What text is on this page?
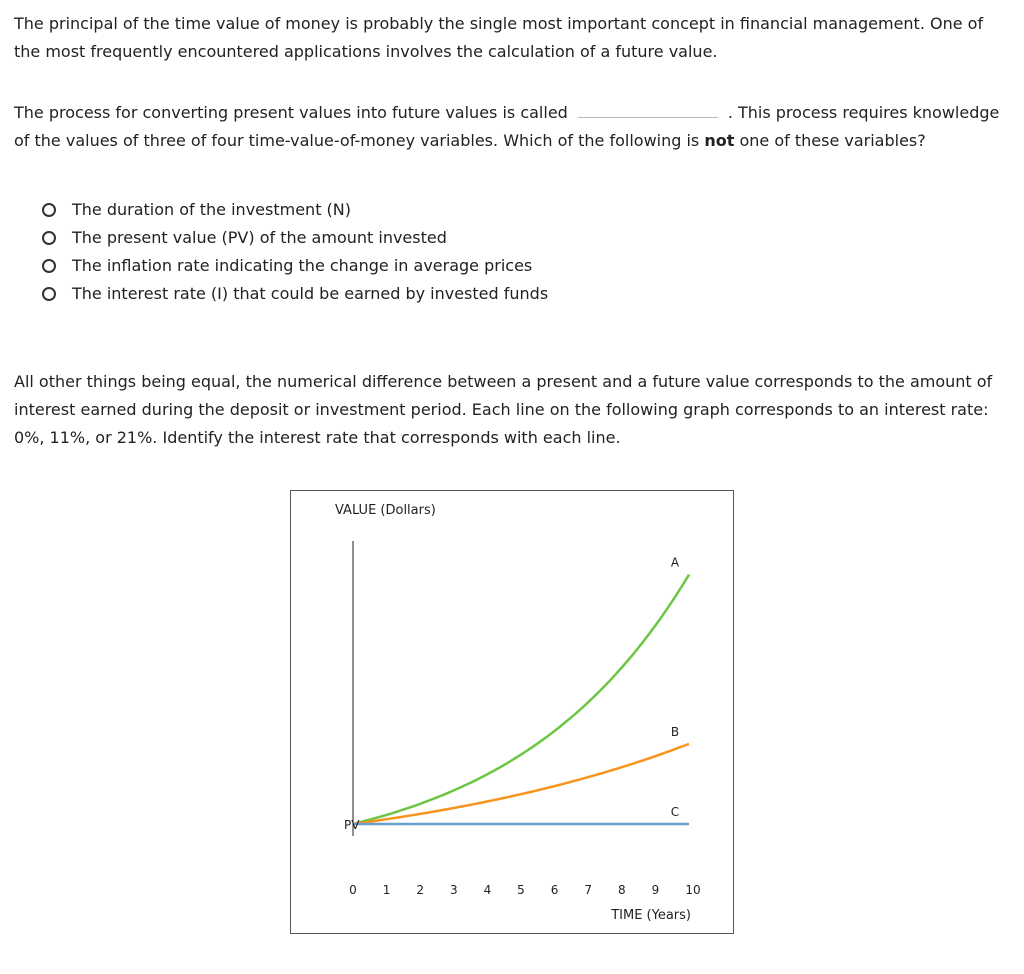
The principal of the time value of money is probably the single most important concept in financial management. One of the most frequently encountered applications involves the calculation of a future value.

The process for converting present values into future values is called	. This process requires knowledge of the values of three of four time-value-of-money variables. Which of the following is not one of these variables?

The duration of the investment (N)
The present value (PV) of the amount invested
The inflation rate indicating the change in average prices
The interest rate (I) that could be earned by invested funds

All other things being equal, the numerical difference between a present and a future value corresponds to the amount of interest earned during the deposit or investment period. Each line on the following graph corresponds to an interest rate: 0%, 11%, or 21%. Identify the interest rate that corresponds with each line.

VALUE (Dollars)
A
B
C
PV
0 1 2 3 4 5 6 7 8 9 10
TIME (Years)
